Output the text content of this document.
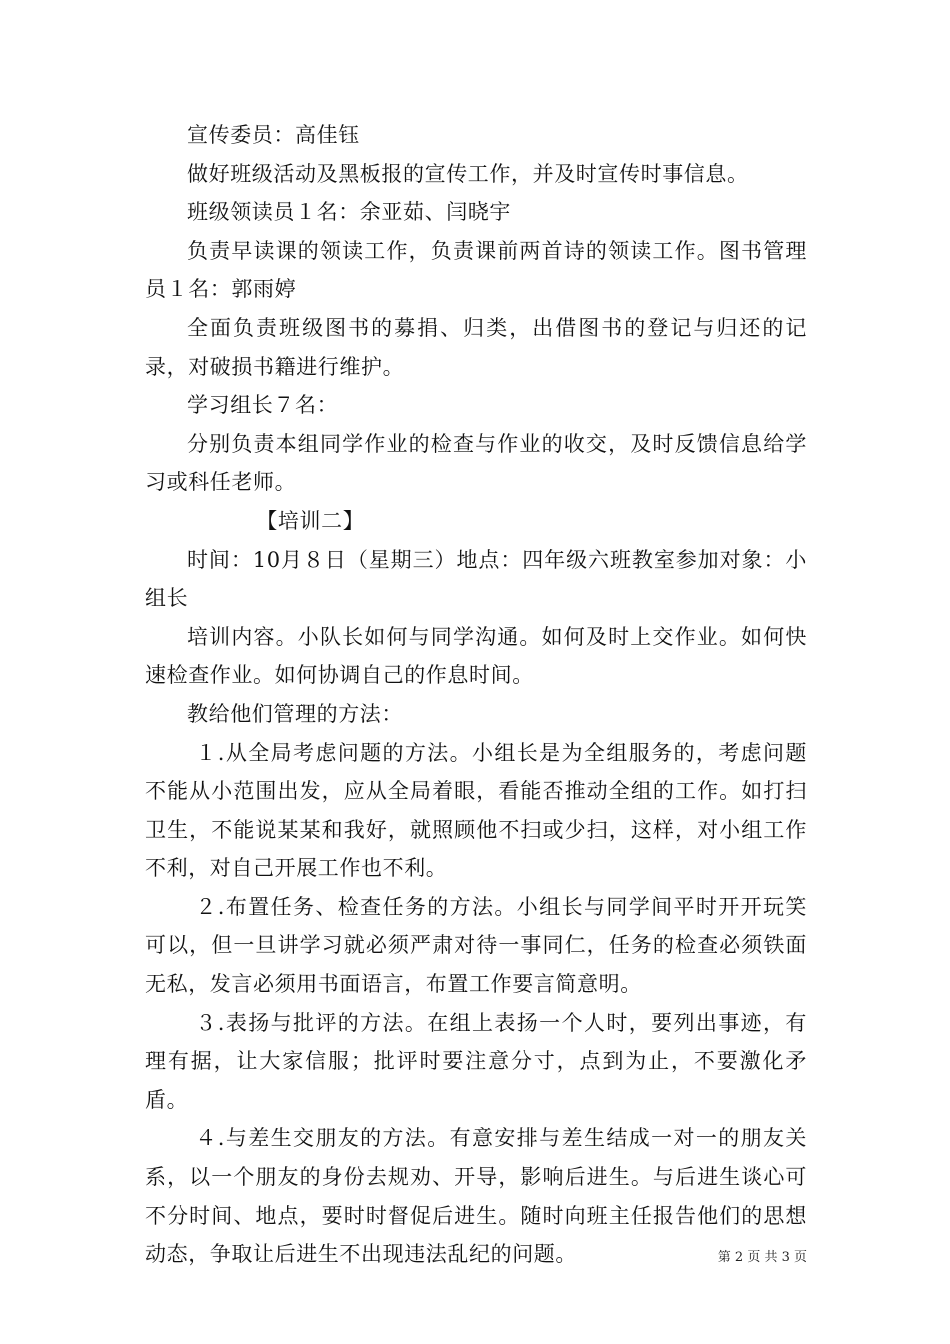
宣传委员：高佳钰

做好班级活动及黑板报的宣传工作，并及时宣传时事信息。

班级领读员１名：余亚茹、闫晓宇

负责早读课的领读工作，负责课前两首诗的领读工作。图书管理员１名：郭雨婷

全面负责班级图书的募捐、归类，出借图书的登记与归还的记录，对破损书籍进行维护。

学习组长７名：

分别负责本组同学作业的检查与作业的收交，及时反馈信息给学习或科任老师。

【培训二】

时间：10月８日（星期三）地点：四年级六班教室参加对象：小组长

培训内容。小队长如何与同学沟通。如何及时上交作业。如何快速检查作业。如何协调自己的作息时间。

教给他们管理的方法：

１.从全局考虑问题的方法。小组长是为全组服务的，考虑问题不能从小范围出发，应从全局着眼，看能否推动全组的工作。如打扫卫生，不能说某某和我好，就照顾他不扫或少扫，这样，对小组工作不利，对自己开展工作也不利。

２.布置任务、检查任务的方法。小组长与同学间平时开开玩笑可以，但一旦讲学习就必须严肃对待一事同仁，任务的检查必须铁面无私，发言必须用书面语言，布置工作要言简意明。

３.表扬与批评的方法。在组上表扬一个人时，要列出事迹，有理有据，让大家信服；批评时要注意分寸，点到为止，不要激化矛盾。

４.与差生交朋友的方法。有意安排与差生结成一对一的朋友关系，以一个朋友的身份去规劝、开导，影响后进生。与后进生谈心可不分时间、地点，要时时督促后进生。随时向班主任报告他们的思想动态，争取让后进生不出现违法乱纪的问题。	第 2 页 共 3 页
